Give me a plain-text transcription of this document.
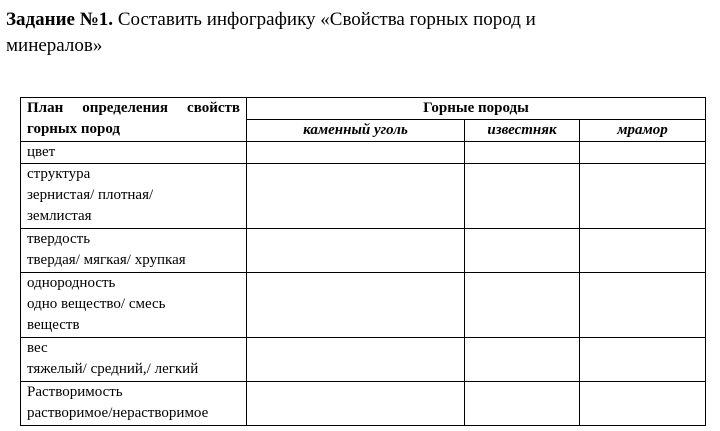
Задание №1. Составить инфографику «Свойства горных пород и
минералов»

План определения свойств
горных пород	Горные породы		
	каменный уголь	известняк	мрамор

цвет			

структура
зернистая/ плотная/
землистая			

твердость
твердая/ мягкая/ хрупкая			

однородность
одно вещество/ смесь
веществ			

вес
тяжелый/ средний,/ легкий			

Растворимость
растворимое/нерастворимое			
